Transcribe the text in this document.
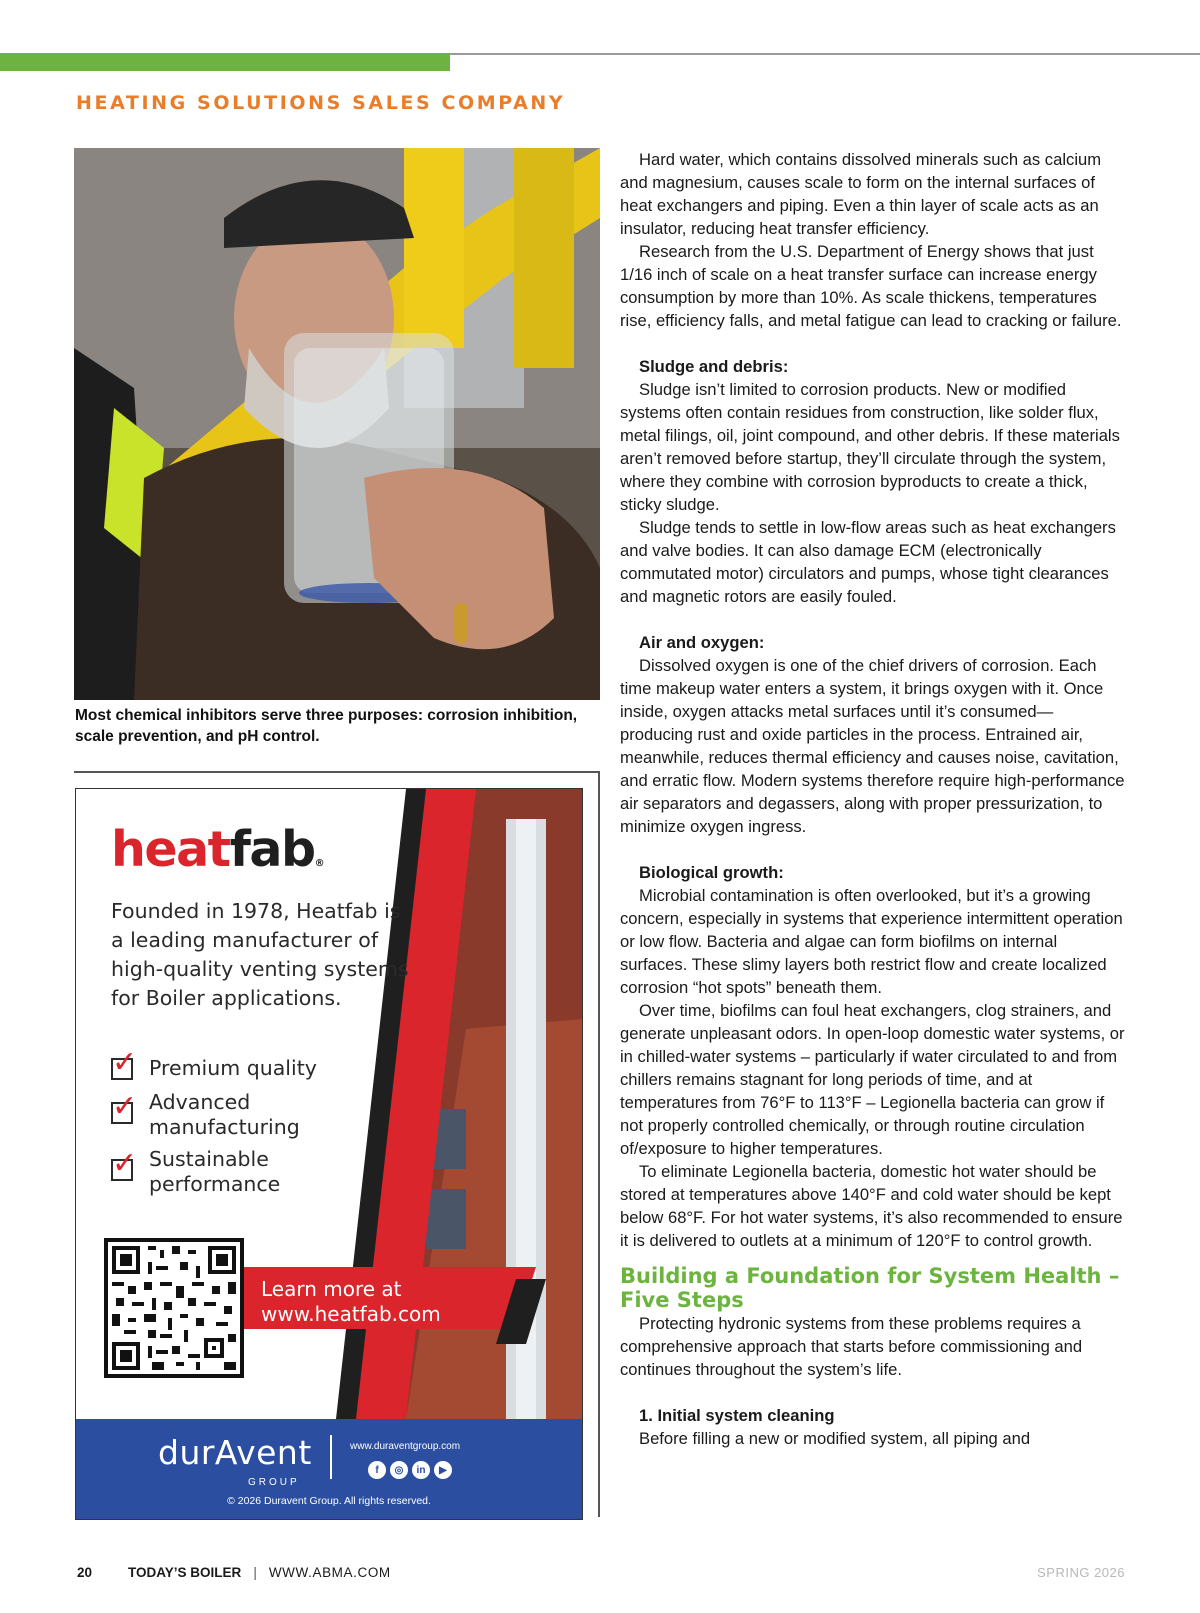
HEATING SOLUTIONS SALES COMPANY
Most chemical inhibitors serve three purposes: corrosion inhibition, scale prevention, and pH control.
heatfab®
Founded in 1978, Heatfab is a leading manufacturer of high-quality venting systems for Boiler applications.
✓ Premium quality
✓ Advanced manufacturing
✓ Sustainable performance
Learn more at www.heatfab.com
durAvent
GROUP
www.duraventgroup.com
f	◎	in	▶
© 2026 Duravent Group. All rights reserved.

Hard water, which contains dissolved minerals such as calcium and magnesium, causes scale to form on the internal surfaces of heat exchangers and piping. Even a thin layer of scale acts as an insulator, reducing heat transfer efficiency.

Research from the U.S. Department of Energy shows that just 1/16 inch of scale on a heat transfer surface can increase energy consumption by more than 10%. As scale thickens, temperatures rise, efficiency falls, and metal fatigue can lead to cracking or failure.

Sludge and debris:

Sludge isn’t limited to corrosion products. New or modified systems often contain residues from construction, like solder flux, metal filings, oil, joint compound, and other debris. If these materials aren’t removed before startup, they’ll circulate through the system, where they combine with corrosion byproducts to create a thick, sticky sludge.

Sludge tends to settle in low-flow areas such as heat exchangers and valve bodies. It can also damage ECM (electronically commutated motor) circulators and pumps, whose tight clearances and magnetic rotors are easily fouled.

Air and oxygen:

Dissolved oxygen is one of the chief drivers of corrosion. Each time makeup water enters a system, it brings oxygen with it. Once inside, oxygen attacks metal surfaces until it’s consumed—producing rust and oxide particles in the process. Entrained air, meanwhile, reduces thermal efficiency and causes noise, cavitation, and erratic flow. Modern systems therefore require high-performance air separators and degassers, along with proper pressurization, to minimize oxygen ingress.

Biological growth:

Microbial contamination is often overlooked, but it’s a growing concern, especially in systems that experience intermittent operation or low flow. Bacteria and algae can form biofilms on internal surfaces. These slimy layers both restrict flow and create localized corrosion “hot spots” beneath them.

Over time, biofilms can foul heat exchangers, clog strainers, and generate unpleasant odors. In open-loop domestic water systems, or in chilled-water systems – particularly if water circulated to and from chillers remains stagnant for long periods of time, and at temperatures from 76°F to 113°F – Legionella bacteria can grow if not properly controlled chemically, or through routine circulation of/exposure to higher temperatures.

To eliminate Legionella bacteria, domestic hot water should be stored at temperatures above 140°F and cold water should be kept below 68°F. For hot water systems, it’s also recommended to ensure it is delivered to outlets at a minimum of 120°F to control growth.

Building a Foundation for System Health – Five Steps

Protecting hydronic systems from these problems requires a comprehensive approach that starts before commissioning and continues throughout the system’s life.

1. Initial system cleaning

Before filling a new or modified system, all piping and

20	TODAY’S BOILER | WWW.ABMA.COM	SPRING 2026
